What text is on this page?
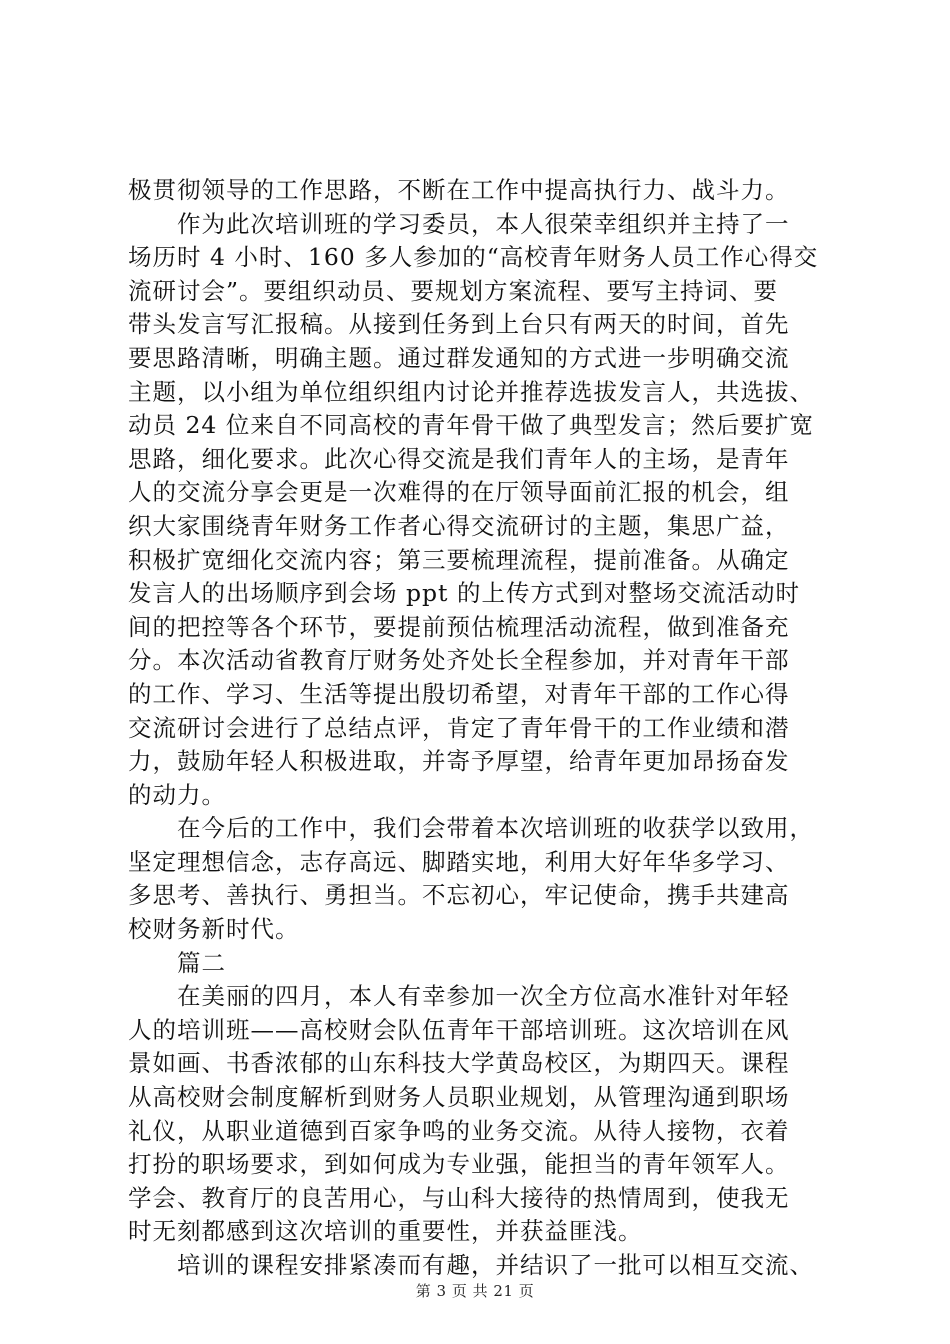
极贯彻领导的工作思路，不断在工作中提高执行力、战斗力。
　　作为此次培训班的学习委员，本人很荣幸组织并主持了一
场历时 4 小时、160 多人参加的“高校青年财务人员工作心得交
流研讨会”。要组织动员、要规划方案流程、要写主持词、要
带头发言写汇报稿。从接到任务到上台只有两天的时间，首先
要思路清晰，明确主题。通过群发通知的方式进一步明确交流
主题，以小组为单位组织组内讨论并推荐选拔发言人，共选拔、
动员 24 位来自不同高校的青年骨干做了典型发言；然后要扩宽
思路，细化要求。此次心得交流是我们青年人的主场，是青年
人的交流分享会更是一次难得的在厅领导面前汇报的机会，组
织大家围绕青年财务工作者心得交流研讨的主题，集思广益，
积极扩宽细化交流内容；第三要梳理流程，提前准备。从确定
发言人的出场顺序到会场 ppt 的上传方式到对整场交流活动时
间的把控等各个环节，要提前预估梳理活动流程，做到准备充
分。本次活动省教育厅财务处齐处长全程参加，并对青年干部
的工作、学习、生活等提出殷切希望，对青年干部的工作心得
交流研讨会进行了总结点评，肯定了青年骨干的工作业绩和潜
力，鼓励年轻人积极进取，并寄予厚望，给青年更加昂扬奋发
的动力。
　　在今后的工作中，我们会带着本次培训班的收获学以致用，
坚定理想信念，志存高远、脚踏实地，利用大好年华多学习、
多思考、善执行、勇担当。不忘初心，牢记使命，携手共建高
校财务新时代。
　　篇二
　　在美丽的四月，本人有幸参加一次全方位高水准针对年轻
人的培训班——高校财会队伍青年干部培训班。这次培训在风
景如画、书香浓郁的山东科技大学黄岛校区，为期四天。课程
从高校财会制度解析到财务人员职业规划，从管理沟通到职场
礼仪，从职业道德到百家争鸣的业务交流。从待人接物，衣着
打扮的职场要求，到如何成为专业强，能担当的青年领军人。
学会、教育厅的良苦用心，与山科大接待的热情周到，使我无
时无刻都感到这次培训的重要性，并获益匪浅。
　　培训的课程安排紧凑而有趣，并结识了一批可以相互交流、
第 3 页 共 21 页
